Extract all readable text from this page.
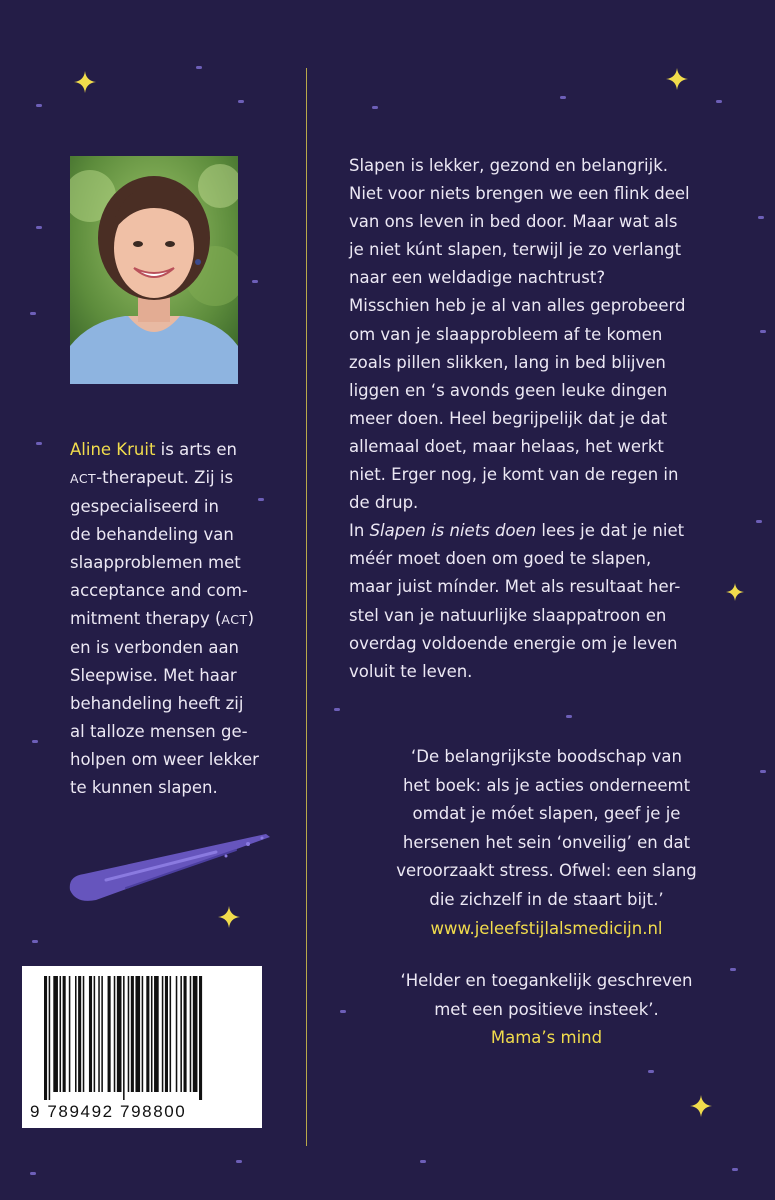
Aline Kruit is arts en
ACT-therapeut. Zij is
gespecialiseerd in
de behandeling van
slaapproblemen met
acceptance and com-
mitment therapy (ACT)
en is verbonden aan
Sleepwise. Met haar
behandeling heeft zij
al talloze mensen ge-
holpen om weer lekker
te kunnen slapen.
9 789492 798800
Slapen is lekker, gezond en belangrijk.
Niet voor niets brengen we een flink deel
van ons leven in bed door. Maar wat als
je niet kúnt slapen, terwijl je zo verlangt
naar een weldadige nachtrust?
Misschien heb je al van alles geprobeerd
om van je slaapprobleem af te komen
zoals pillen slikken, lang in bed blijven
liggen en ‘s avonds geen leuke dingen
meer doen. Heel begrijpelijk dat je dat
allemaal doet, maar helaas, het werkt
niet. Erger nog, je komt van de regen in
de drup.
In Slapen is niets doen lees je dat je niet
méér moet doen om goed te slapen,
maar juist mínder. Met als resultaat her-
stel van je natuurlijke slaappatroon en
overdag voldoende energie om je leven
voluit te leven.
‘De belangrijkste boodschap van
het boek: als je acties onderneemt
omdat je móet slapen, geef je je
hersenen het sein ‘onveilig’ en dat
veroorzaakt stress. Ofwel: een slang
die zichzelf in de staart bijt.’
www.jeleefstijlalsmedicijn.nl
‘Helder en toegankelijk geschreven
met een positieve insteek’.
Mama’s mind
